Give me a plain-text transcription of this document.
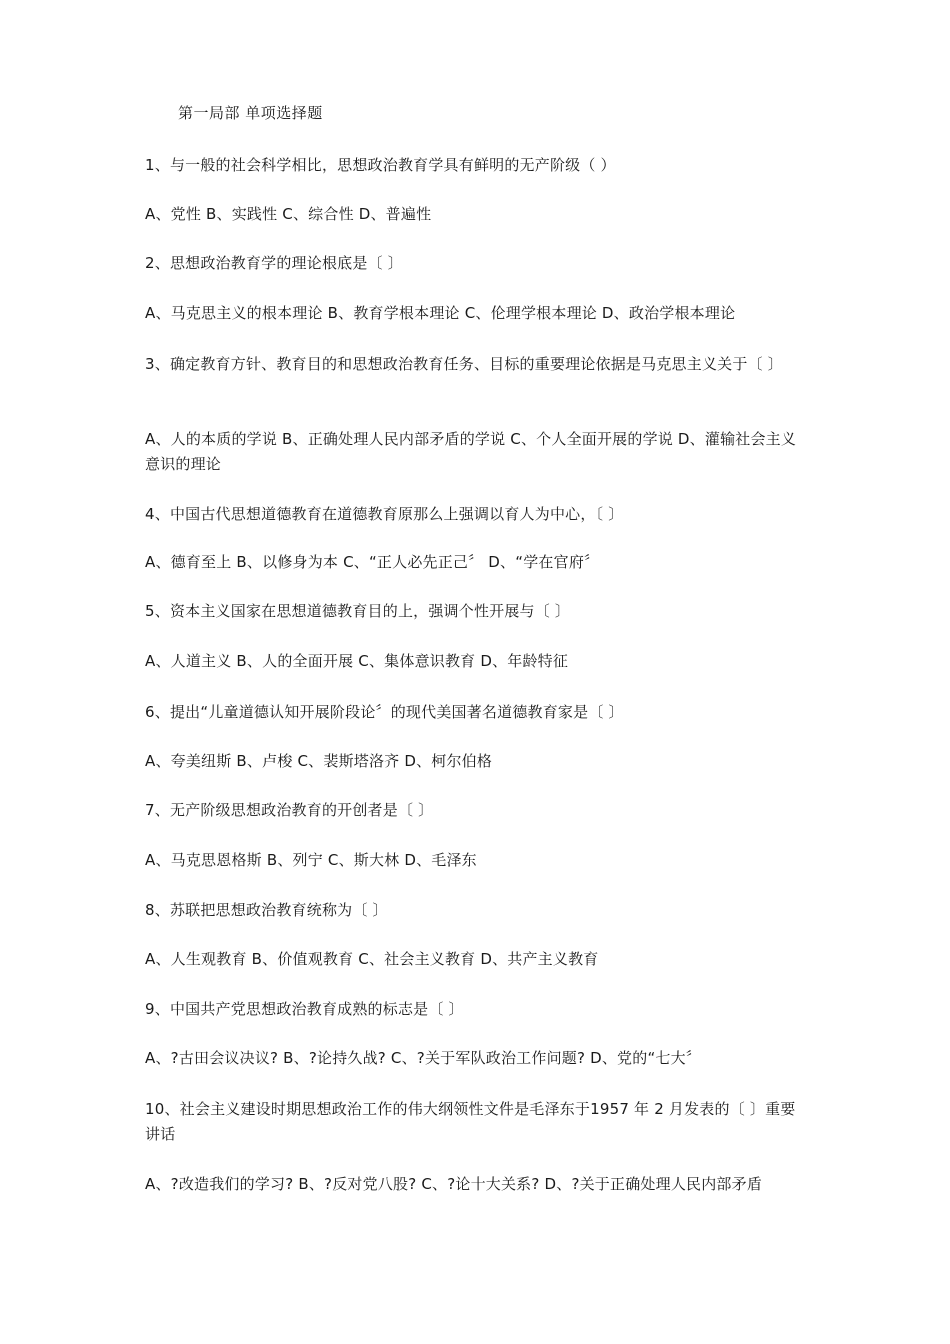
第一局部 单项选择题
1、与一般的社会科学相比，思想政治教育学具有鲜明的无产阶级（ ）
A、党性 B、实践性 C、综合性 D、普遍性
2、思想政治教育学的理论根底是〔 〕
A、马克思主义的根本理论 B、教育学根本理论 C、伦理学根本理论 D、政治学根本理论
3、确定教育方针、教育目的和思想政治教育任务、目标的重要理论依据是马克思主义关于〔 〕
A、人的本质的学说 B、正确处理人民内部矛盾的学说 C、个人全面开展的学说 D、灌输社会主义意识的理论
4、中国古代思想道德教育在道德教育原那么上强调以育人为中心，〔 〕
A、德育至上 B、以修身为本 C、“正人必先正己〞 D、“学在官府〞
5、资本主义国家在思想道德教育目的上，强调个性开展与〔 〕
A、人道主义 B、人的全面开展 C、集体意识教育 D、年龄特征
6、提出“儿童道德认知开展阶段论〞的现代美国著名道德教育家是〔 〕
A、夸美纽斯 B、卢梭 C、裴斯塔洛齐 D、柯尔伯格
7、无产阶级思想政治教育的开创者是〔 〕
A、马克思恩格斯 B、列宁 C、斯大林 D、毛泽东
8、苏联把思想政治教育统称为〔 〕
A、人生观教育 B、价值观教育 C、社会主义教育 D、共产主义教育
9、中国共产党思想政治教育成熟的标志是〔 〕
A、?古田会议决议? B、?论持久战? C、?关于军队政治工作问题? D、党的“七大〞
10、社会主义建设时期思想政治工作的伟大纲领性文件是毛泽东于1957 年 2 月发表的〔 〕重要讲话
A、?改造我们的学习? B、?反对党八股? C、?论十大关系? D、?关于正确处理人民内部矛盾
